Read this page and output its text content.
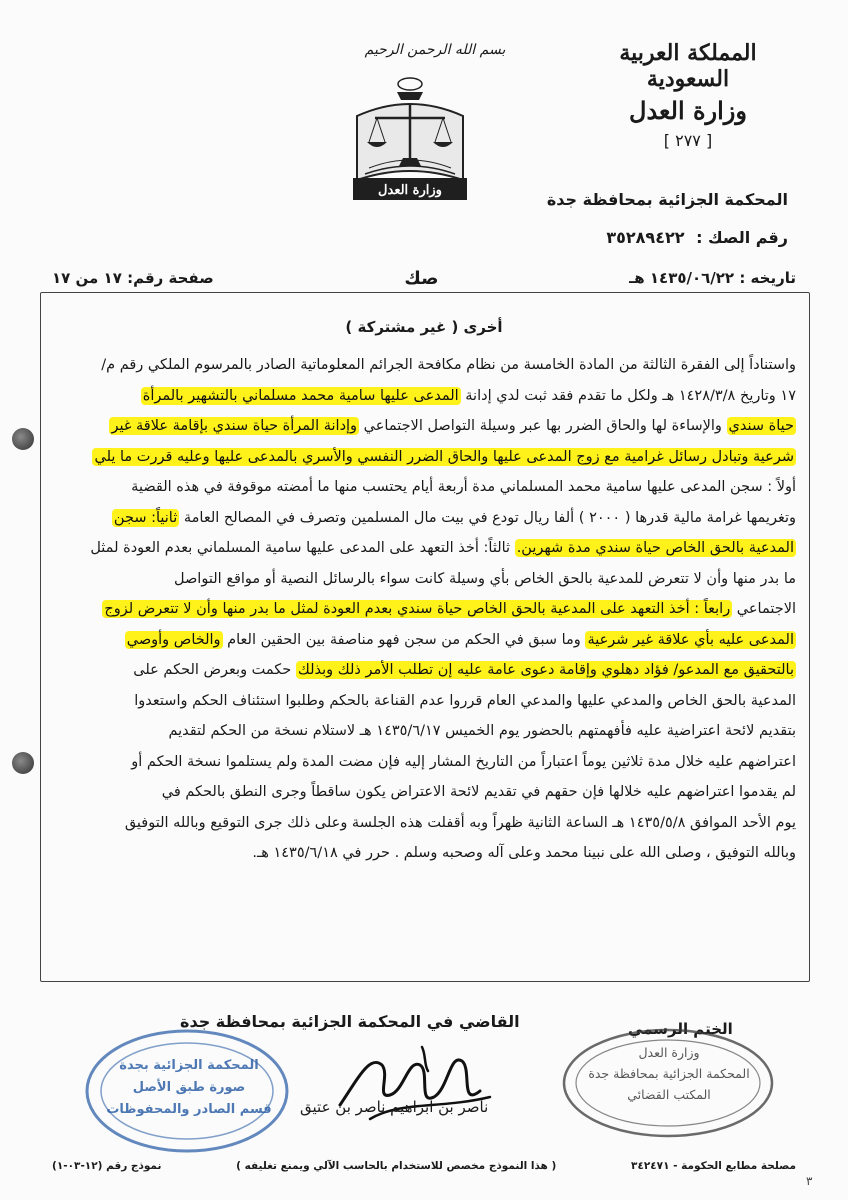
المملكة العربية السعودية
وزارة العدل
[ ٢٧٧ ]
بسم الله الرحمن الرحيم
وزارة العدل	المحكمة الجزائية بمحافظة جدة
رقم الصك : ٣٥٢٨٩٤٢٢
تاريخه : ١٤٣٥/٠٦/٢٢ هـ
صك
صفحة رقم: ١٧ من ١٧
أخرى ( غير مشتركة )
واستناداً إلى الفقرة الثالثة من المادة الخامسة من نظام مكافحة الجرائم المعلوماتية الصادر بالمرسوم الملكي رقم م/
١٧ وتاريخ ١٤٢٨/٣/٨ هـ ولكل ما تقدم فقد ثبت لدي إدانة المدعى عليها سامية محمد مسلماني بالتشهير بالمرأة
حياة سندي والإساءة لها والحاق الضرر بها عبر وسيلة التواصل الاجتماعي وإدانة المرأة حياة سندي بإقامة علاقة غير
شرعية وتبادل رسائل غرامية مع زوج المدعى عليها والحاق الضرر النفسي والأسري بالمدعى عليها وعليه قررت ما يلي
أولاً : سجن المدعى عليها سامية محمد المسلماني مدة أربعة أيام يحتسب منها ما أمضته موقوفة في هذه القضية
وتغريمها غرامة مالية قدرها ( ٢٠٠٠ ) ألفا ريال تودع في بيت مال المسلمين وتصرف في المصالح العامة ثانياً: سجن
المدعية بالحق الخاص حياة سندي مدة شهرين. ثالثاً: أخذ التعهد على المدعى عليها سامية المسلماني بعدم العودة لمثل
ما بدر منها وأن لا تتعرض للمدعية بالحق الخاص بأي وسيلة كانت سواء بالرسائل النصية أو مواقع التواصل
الاجتماعي رابعاً : أخذ التعهد على المدعية بالحق الخاص حياة سندي بعدم العودة لمثل ما بدر منها وأن لا تتعرض لزوج
المدعى عليه بأي علاقة غير شرعية وما سبق في الحكم من سجن فهو مناصفة بين الحقين العام والخاص وأوصي
بالتحقيق مع المدعو/ فؤاد دهلوي وإقامة دعوى عامة عليه إن تطلب الأمر ذلك وبذلك حكمت وبعرض الحكم على
المدعية بالحق الخاص والمدعي عليها والمدعي العام قرروا عدم القناعة بالحكم وطلبوا استئناف الحكم واستعدوا
بتقديم لائحة اعتراضية عليه فأفهمتهم بالحضور يوم الخميس ١٤٣٥/٦/١٧ هـ لاستلام نسخة من الحكم لتقديم
اعتراضهم عليه خلال مدة ثلاثين يوماً اعتباراً من التاريخ المشار إليه فإن مضت المدة ولم يستلموا نسخة الحكم أو
لم يقدموا اعتراضهم عليه خلالها فإن حقهم في تقديم لائحة الاعتراض يكون ساقطاً وجرى النطق بالحكم في
يوم الأحد الموافق ١٤٣٥/٥/٨ هـ الساعة الثانية ظهراً وبه أقفلت هذه الجلسة وعلى ذلك جرى التوقيع وبالله التوفيق
وبالله التوفيق ، وصلى الله على نبينا محمد وعلى آله وصحبه وسلم . حرر في ١٤٣٥/٦/١٨ هـ.
القاضي في المحكمة الجزائية بمحافظة جدة	الختم الرسمي
ناصر بن ابراهيم ناصر بن عتيق
المحكمة الجزائية بجدة
صورة طبق الأصل
قسم الصادر والمحفوظات
وزارة العدل
المحكمة الجزائية بمحافظة جدة
المكتب القضائي
مصلحة مطابع الحكومة - ٣٤٢٤٧١
( هذا النموذج مخصص للاستخدام بالحاسب الآلي ويمنع تغليفه )
نموذج رقم (١٢-٠٣-١)
٣
